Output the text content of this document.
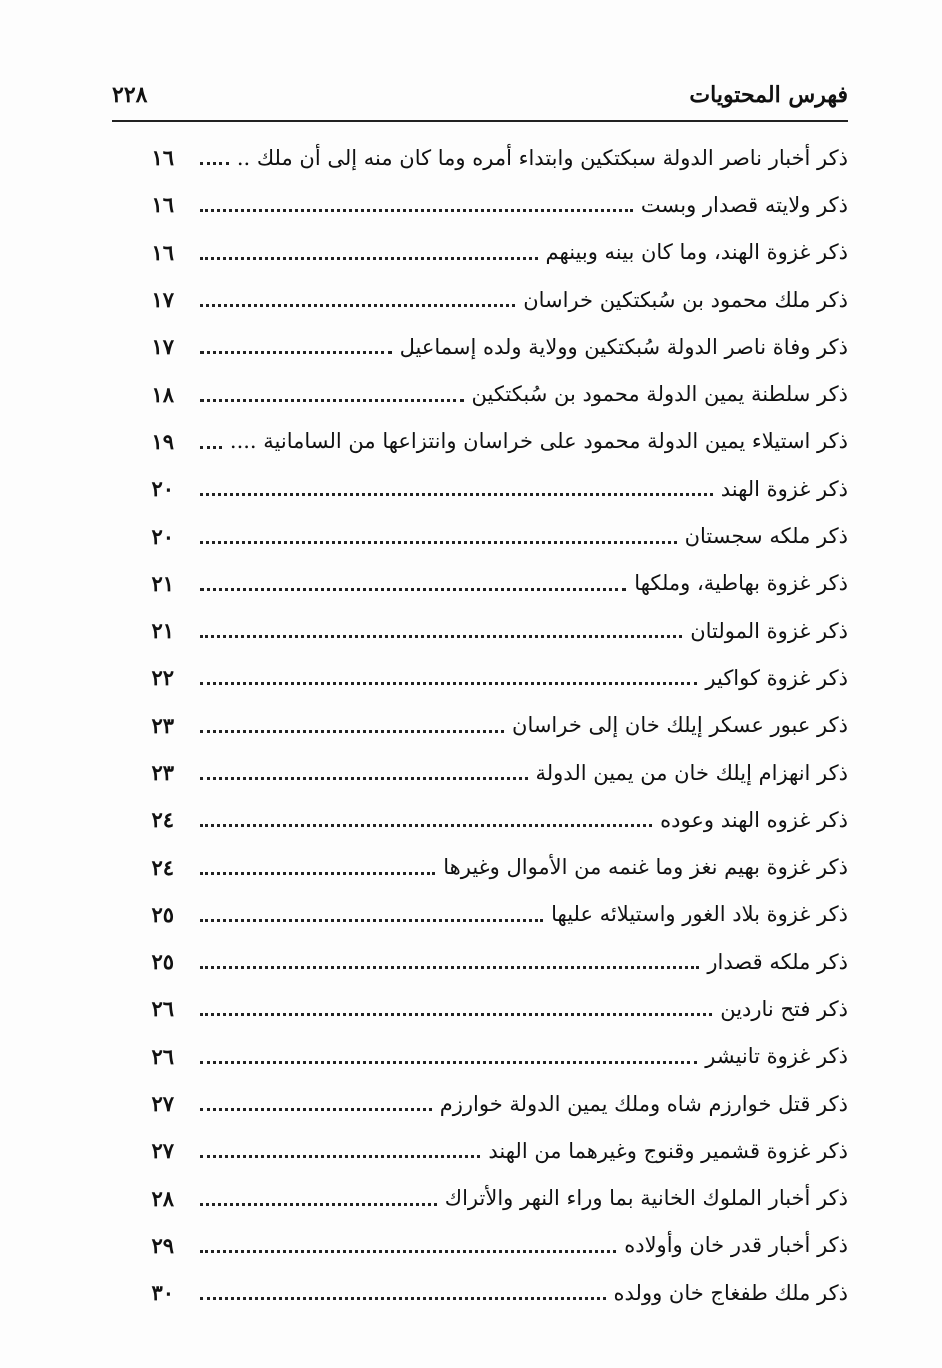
فهرس المحتويات
٢٢٨
ذكر أخبار ناصر الدولة سبكتكين وابتداء أمره وما كان منه إلى أن ملك ..
١٦
ذكر ولايته قصدار وبست
١٦
ذكر غزوة الهند، وما كان بينه وبينهم
١٦
ذكر ملك محمود بن سُبكتكين خراسان
١٧
ذكر وفاة ناصر الدولة سُبكتكين وولاية ولده إسماعيل
١٧
ذكر سلطنة يمين الدولة محمود بن سُبكتكين
١٨
ذكر استيلاء يمين الدولة محمود على خراسان وانتزاعها من السامانية ....
١٩
ذكر غزوة الهند
٢٠
ذكر ملكه سجستان
٢٠
ذكر غزوة بهاطية، وملكها
٢١
ذكر غزوة المولتان
٢١
ذكر غزوة كواكير
٢٢
ذكر عبور عسكر إيلك خان إلى خراسان
٢٣
ذكر انهزام إيلك خان من يمين الدولة
٢٣
ذكر غزوه الهند وعوده
٢٤
ذكر غزوة بهيم نغز وما غنمه من الأموال وغيرها
٢٤
ذكر غزوة بلاد الغور واستيلائه عليها
٢٥
ذكر ملكه قصدار
٢٥
ذكر فتح ناردين
٢٦
ذكر غزوة تانيشر
٢٦
ذكر قتل خوارزم شاه وملك يمين الدولة خوارزم
٢٧
ذكر غزوة قشمير وقنوج وغيرهما من الهند
٢٧
ذكر أخبار الملوك الخانية بما وراء النهر والأتراك
٢٨
ذكر أخبار قدر خان وأولاده
٢٩
ذكر ملك طفغاج خان وولده
٣٠
